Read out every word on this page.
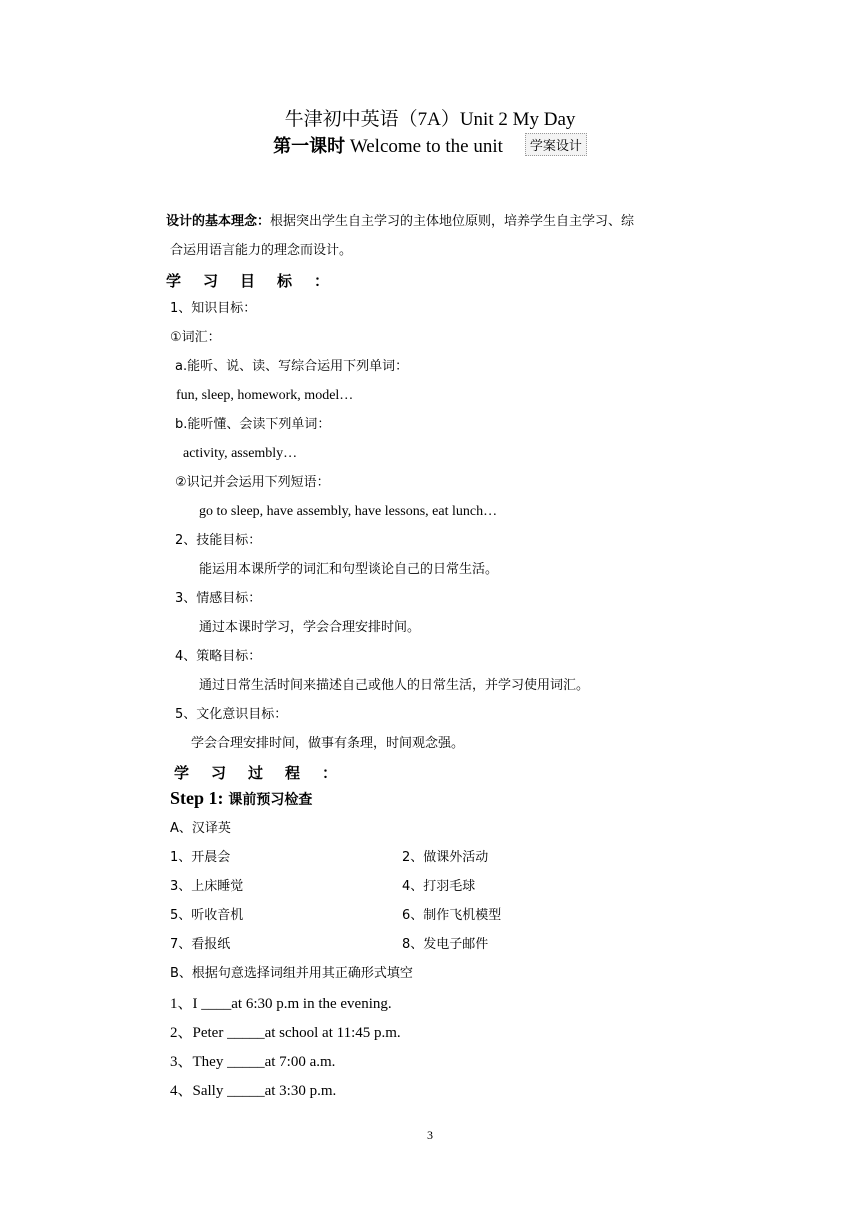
牛津初中英语（7A）Unit 2 My Day
第一课时 Welcome to the unit 学案设计
设计的基本理念：根据突出学生自主学习的主体地位原则，培养学生自主学习、综
合运用语言能力的理念而设计。
学习目标：
1、知识目标：
①词汇：
a.能听、说、读、写综合运用下列单词：
fun, sleep, homework, model…
b.能听懂、会读下列单词：
activity, assembly…
②识记并会运用下列短语：
go to sleep, have assembly, have lessons, eat lunch…
2、技能目标：
能运用本课所学的词汇和句型谈论自己的日常生活。
3、情感目标：
通过本课时学习，学会合理安排时间。
4、策略目标：
通过日常生活时间来描述自己或他人的日常生活，并学习使用词汇。
5、文化意识目标：
学会合理安排时间，做事有条理，时间观念强。
学习过程：
Step 1: 课前预习检查
A、汉译英
1、开晨会	2、做课外活动
3、上床睡觉	4、打羽毛球
5、听收音机	6、制作飞机模型
7、看报纸	8、发电子邮件
B、根据句意选择词组并用其正确形式填空
1、I ____at 6:30 p.m in the evening.
2、Peter _____at school at 11:45 p.m.
3、They _____at 7:00 a.m.
4、Sally _____at 3:30 p.m.
3
